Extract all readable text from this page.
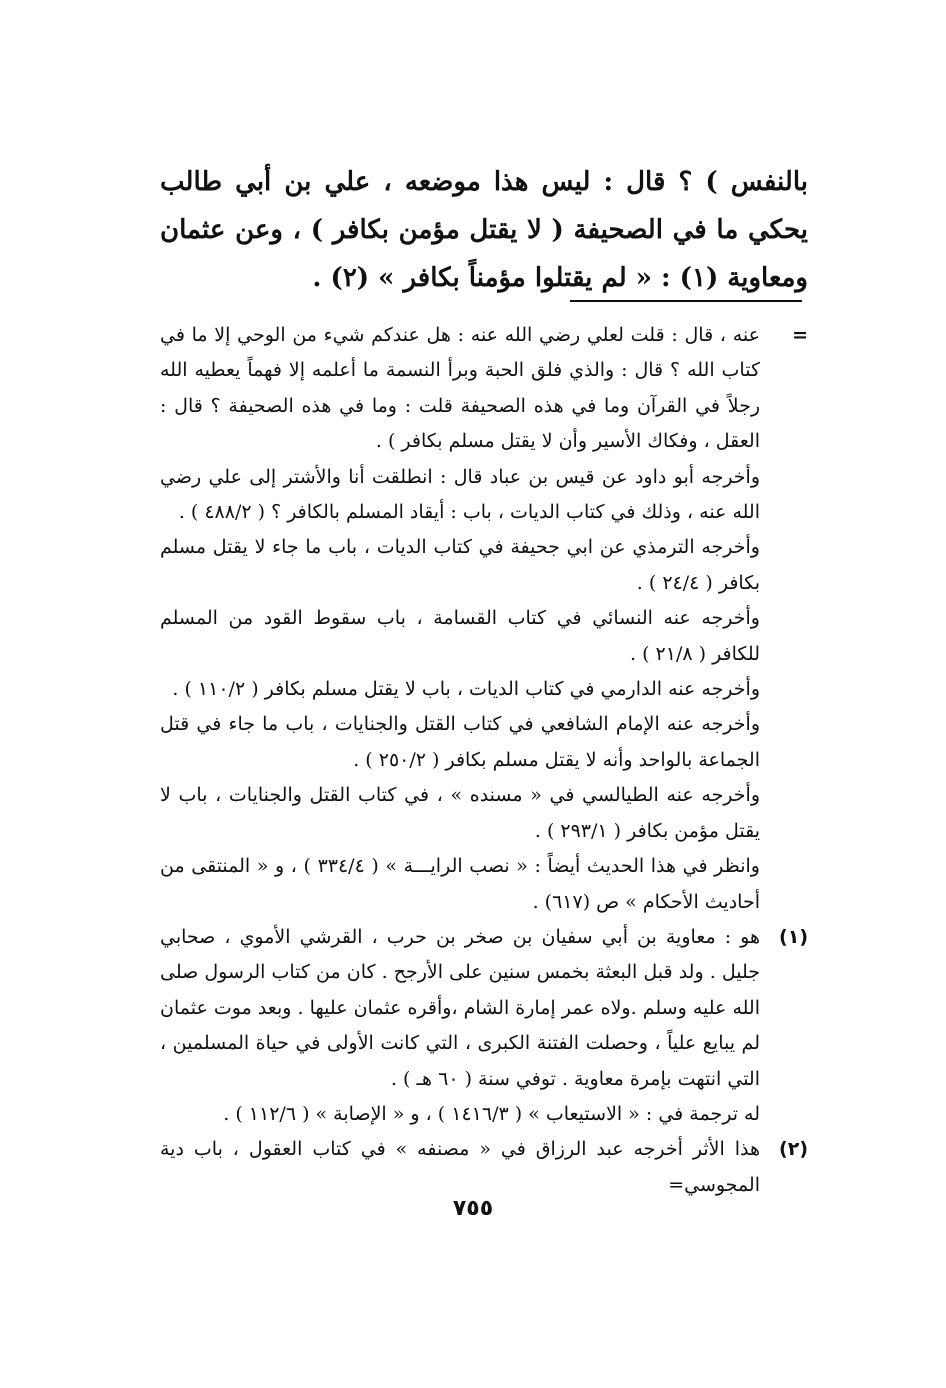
بالنفس ) ؟ قال : ليس هذا موضعه ، علي بن أبي طالب يحكي ما في الصحيفة ( لا يقتل مؤمن بكافر ) ، وعن عثمان ومعاوية (١) : « لم يقتلوا مؤمناً بكافر » (٢) .

=

عنه ، قال : قلت لعلي رضي الله عنه : هل عندكم شيء من الوحي إلا ما في كتاب الله ؟ قال : والذي فلق الحبة وبرأ النسمة ما أعلمه إلا فهماً يعطيه الله رجلاً في القرآن وما في هذه الصحيفة قلت : وما في هذه الصحيفة ؟ قال : العقل ، وفكاك الأسير وأن لا يقتل مسلم بكافر ) .

وأخرجه أبو داود عن قيس بن عباد قال : انطلقت أنا والأشتر إلى علي رضي الله عنه ، وذلك في كتاب الديات ، باب : أيقاد المسلم بالكافر ؟ ( ٤٨٨/٢ ) .

وأخرجه الترمذي عن ابي جحيفة في كتاب الديات ، باب ما جاء لا يقتل مسلم بكافر ( ٢٤/٤ ) .

وأخرجه عنه النسائي في كتاب القسامة ، باب سقوط القود من المسلم للكافر ( ٢١/٨ ) .

وأخرجه عنه الدارمي في كتاب الديات ، باب لا يقتل مسلم بكافر ( ١١٠/٢ ) .

وأخرجه عنه الإمام الشافعي في كتاب القتل والجنايات ، باب ما جاء في قتل الجماعة بالواحد وأنه لا يقتل مسلم بكافر ( ٢٥٠/٢ ) .

وأخرجه عنه الطيالسي في « مسنده » ، في كتاب القتل والجنايات ، باب لا يقتل مؤمن بكافر ( ٢٩٣/١ ) .

وانظر في هذا الحديث أيضاً : « نصب الرايـــة » ( ٣٣٤/٤ ) ، و « المنتقى من أحاديث الأحكام » ص (٦١٧) .

(١)

هو : معاوية بن أبي سفيان بن صخر بن حرب ، القرشي الأموي ، صحابي جليل . ولد قبل البعثة بخمس سنين على الأرجح . كان من كتاب الرسول صلى الله عليه وسلم .ولاه عمر إمارة الشام ،وأقره عثمان عليها . وبعد موت عثمان لم يبايع علياً ، وحصلت الفتنة الكبرى ، التي كانت الأولى في حياة المسلمين ، التي انتهت بإمرة معاوية . توفي سنة ( ٦٠ هـ ) .

له ترجمة في : « الاستيعاب » ( ١٤١٦/٣ ) ، و « الإصابة » ( ١١٢/٦ ) .

(٢)

هذا الأثر أخرجه عبد الرزاق في « مصنفه » في كتاب العقول ، باب دية المجوسي=

٧٥٥
